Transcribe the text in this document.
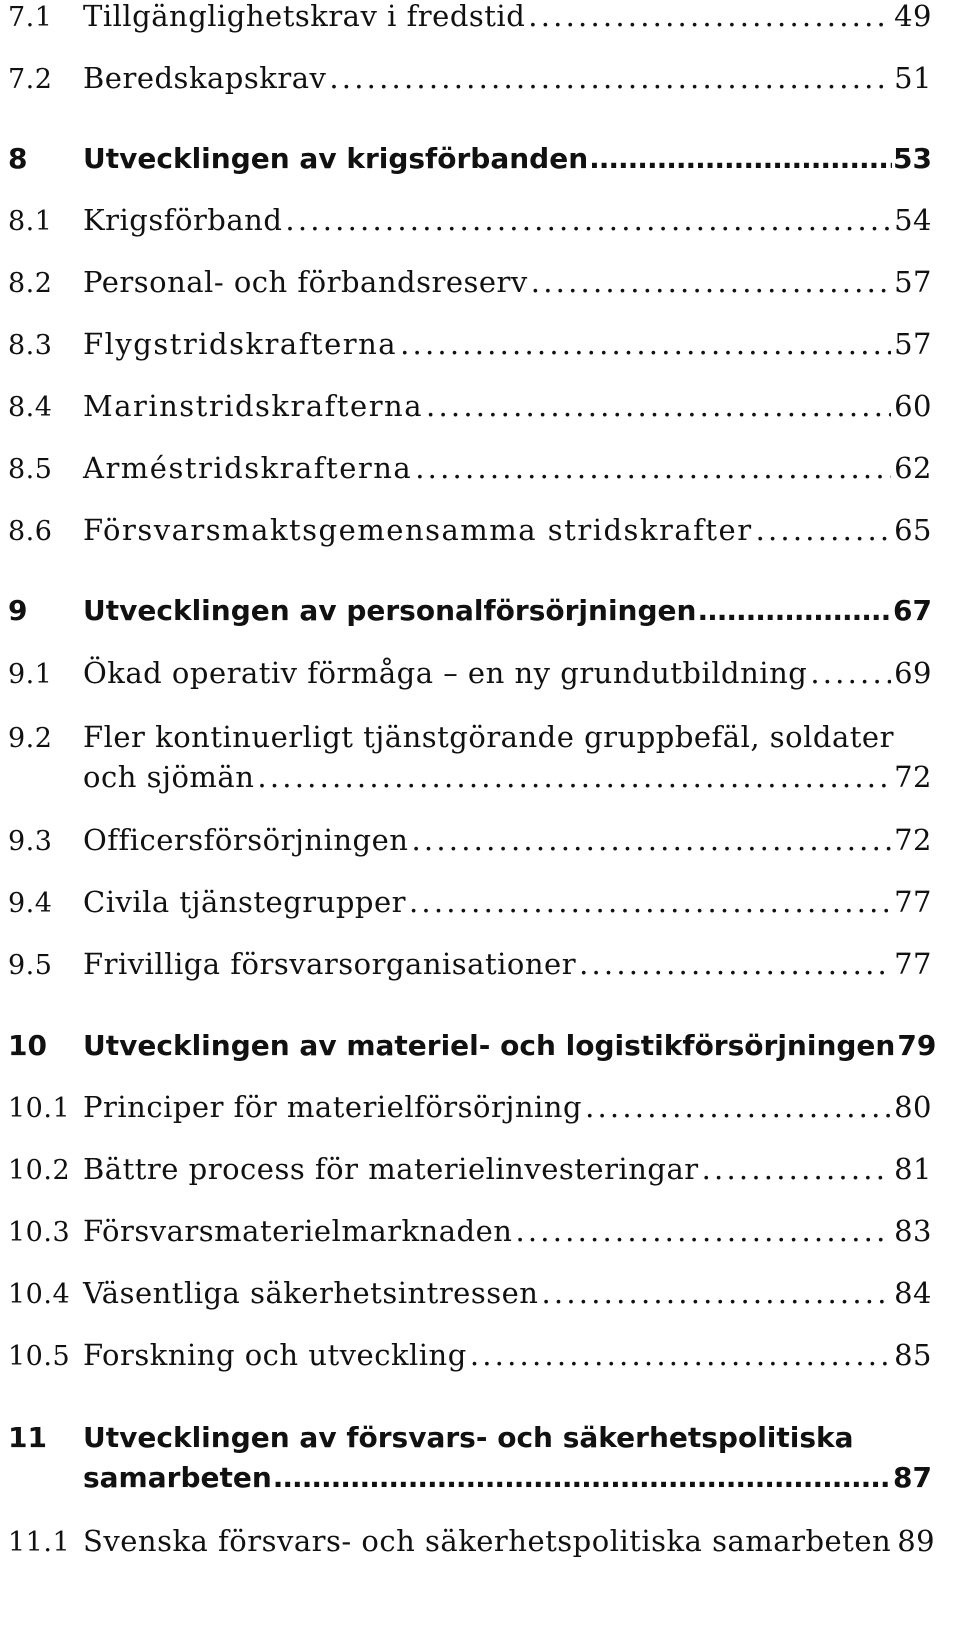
7.1	Tillgänglighetskrav i fredstid . . .	49
7.2	Beredskapskrav . . .	51
8	Utvecklingen av krigsförbanden .....	53
8.1	Krigsförband . . .	54
8.2	Personal- och förbandsreserv . . .	57
8.3	Flygstridskrafterna . . .	57
8.4	Marinstridskrafterna . . .	60
8.5	Arméstridskrafterna . . .	62
8.6	Försvarsmaktsgemensamma stridskrafter . . .	65
9	Utvecklingen av personalförsörjningen .....	67
9.1	Ökad operativ förmåga – en ny grundutbildning . . .	69
9.2	Fler kontinuerligt tjänstgörande gruppbefäl, soldater
och sjömän . . .	72
9.3	Officersförsörjningen . . .	72
9.4	Civila tjänstegrupper . . .	77
9.5	Frivilliga försvarsorganisationer . . .	77
10	Utvecklingen av materiel- och logistikförsörjningen 79
10.1 Principer för materielförsörjning . . .	80
10.2 Bättre process för materielinvesteringar . . .	81
10.3 Försvarsmaterielmarknaden . . .	83
10.4 Väsentliga säkerhetsintressen . . .	84
10.5 Forskning och utveckling . . .	85
11	Utvecklingen av försvars- och säkerhetspolitiska
samarbeten .....	87
11.1 Svenska försvars- och säkerhetspolitiska samarbeten 89
